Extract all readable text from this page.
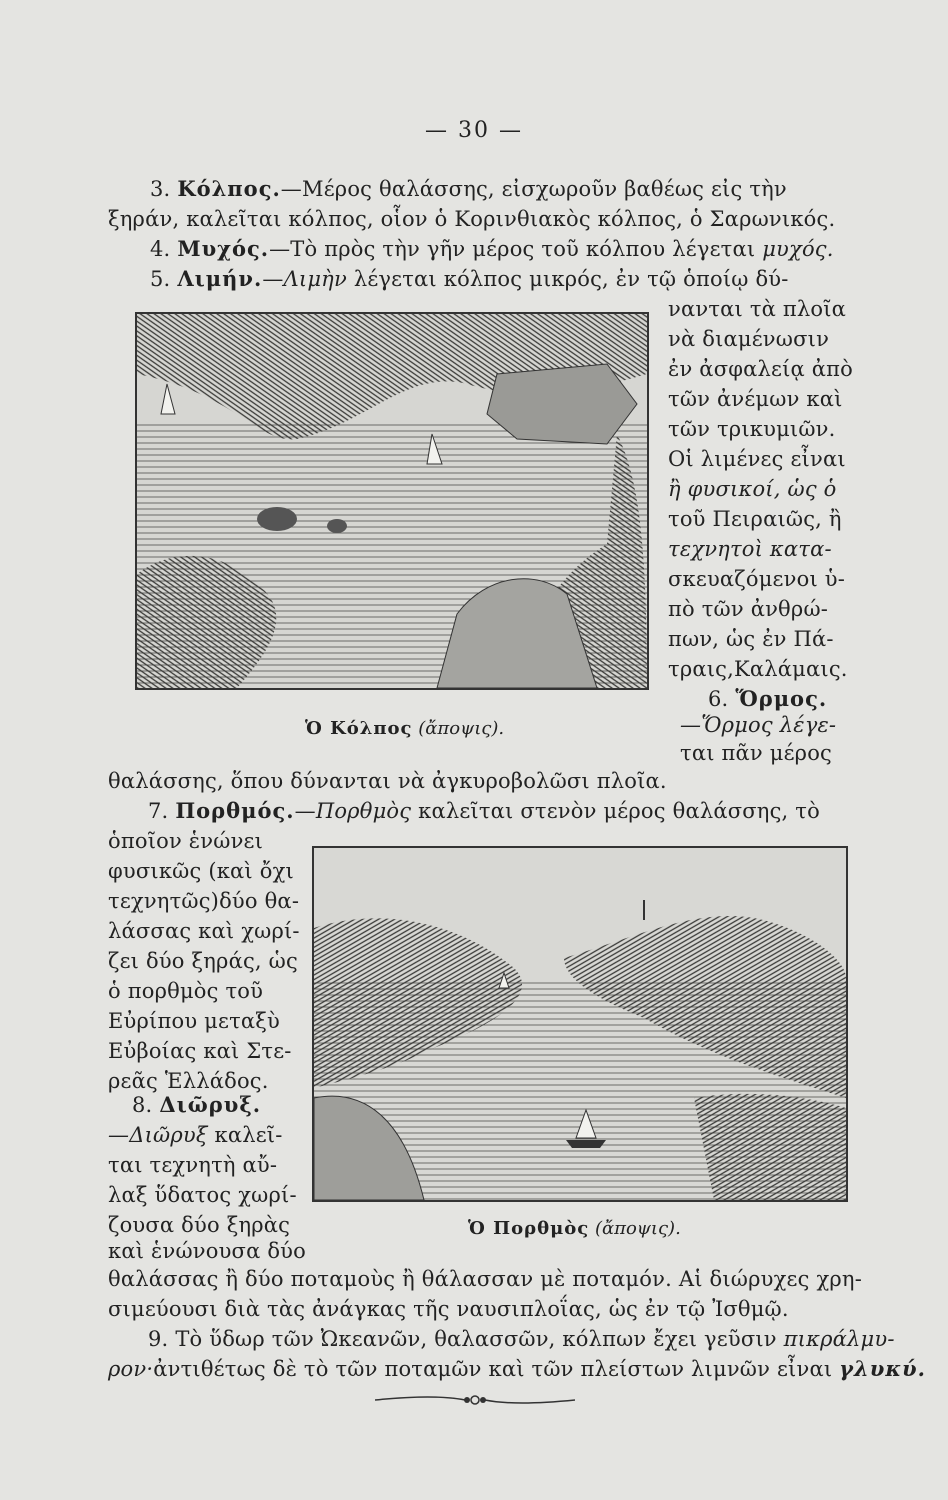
— 30 —
3. Κόλπος.—Μέρος θαλάσσης, εἰσχωροῦν βαθέως εἰς τὴν
ξηράν, καλεῖται κόλπος, οἷον ὁ Κορινθιακὸς κόλπος, ὁ Σαρωνικός.
4. Μυχός.—Τὸ πρὸς τὴν γῆν μέρος τοῦ κόλπου λέγεται μυχός.
5. Λιμήν.—Λιμὴν λέγεται κόλπος μικρός, ἐν τῷ ὁποίῳ δύ-
νανται τὰ πλοῖα
νὰ διαμένωσιν
ἐν ἀσφαλείᾳ ἀπὸ
τῶν ἀνέμων καὶ
τῶν τρικυμιῶν.
Οἱ λιμένες εἶναι
ἢ φυσικοί, ὡς ὁ
τοῦ Πειραιῶς, ἢ
τεχνητοὶ κατα-
σκευαζόμενοι ὑ-
πὸ τῶν ἀνθρώ-
πων, ὡς ἐν Πά-
τραις,Καλάμαις.
Ὁ Κόλπος (ἄποψις).
6. Ὅρμος.
—Ὅρμος λέγε-
ται πᾶν μέρος
θαλάσσης, ὅπου δύνανται νὰ ἀγκυροβολῶσι πλοῖα.
7. Πορθμός.—Πορθμὸς καλεῖται στενὸν μέρος θαλάσσης, τὸ
ὁποῖον ἑνώνει
φυσικῶς (καὶ ὄχι
τεχνητῶς)δύο θα-
λάσσας καὶ χωρί-
ζει δύο ξηράς, ὡς
ὁ πορθμὸς τοῦ
Εὐρίπου μεταξὺ
Εὐβοίας καὶ Στε-
ρεᾶς Ἑλλάδος.
8. Διῶρυξ.
—Διῶρυξ καλεῖ-
ται τεχνητὴ αὔ-
λαξ ὕδατος χωρί-
ζουσα δύο ξηρὰς
καὶ ἑνώνουσα δύο
θαλάσσας ἢ δύο ποταμοὺς ἢ θάλασσαν μὲ ποταμόν. Αἱ διώρυχες χρη-
σιμεύουσι διὰ τὰς ἀνάγκας τῆς ναυσιπλοΐας, ὡς ἐν τῷ Ἰσθμῷ.
Ὁ Πορθμὸς (ἄποψις).
9. Τὸ ὕδωρ τῶν Ὠκεανῶν, θαλασσῶν, κόλπων ἔχει γεῦσιν πικράλμυ-
ρον·ἀντιθέτως δὲ τὸ τῶν ποταμῶν καὶ τῶν πλείστων λιμνῶν εἶναι γλυκύ.
